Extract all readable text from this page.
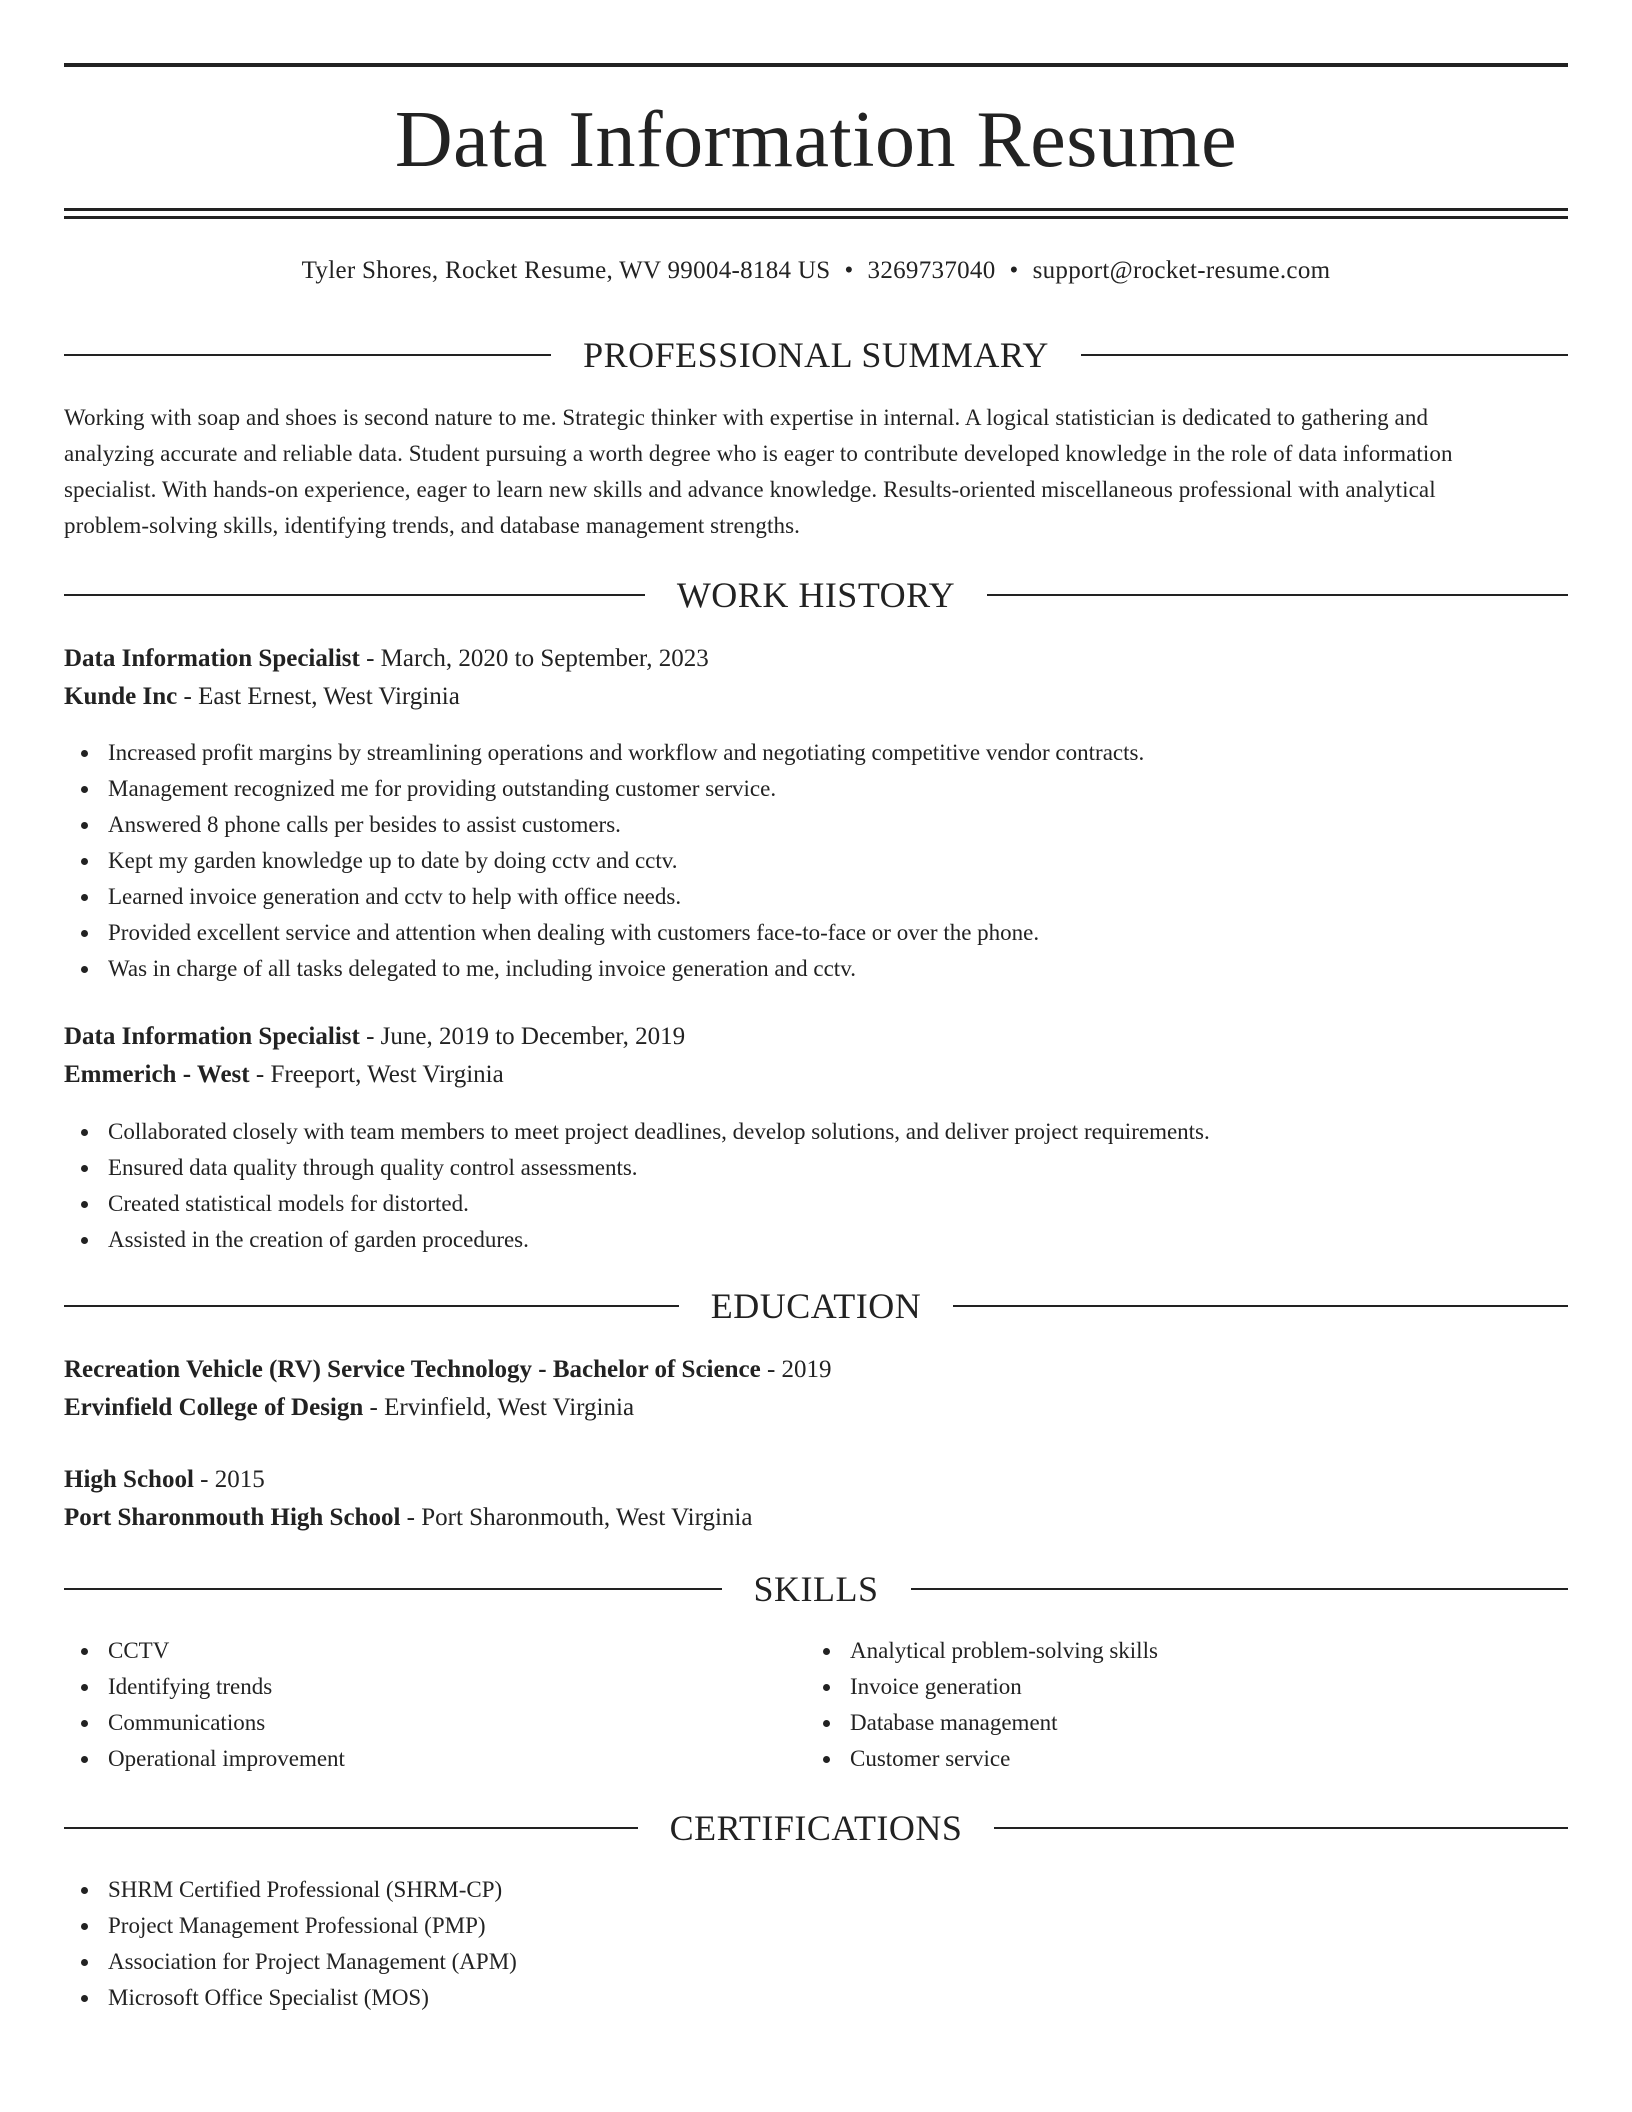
Data Information Resume
Tyler Shores, Rocket Resume, WV 99004-8184 US • 3269737040 • support@rocket-resume.com
PROFESSIONAL SUMMARY
Working with soap and shoes is second nature to me. Strategic thinker with expertise in internal. A logical statistician is dedicated to gathering and
analyzing accurate and reliable data. Student pursuing a worth degree who is eager to contribute developed knowledge in the role of data information
specialist. With hands-on experience, eager to learn new skills and advance knowledge. Results-oriented miscellaneous professional with analytical
problem-solving skills, identifying trends, and database management strengths.
WORK HISTORY
Data Information Specialist - March, 2020 to September, 2023
Kunde Inc - East Ernest, West Virginia
Increased profit margins by streamlining operations and workflow and negotiating competitive vendor contracts.
Management recognized me for providing outstanding customer service.
Answered 8 phone calls per besides to assist customers.
Kept my garden knowledge up to date by doing cctv and cctv.
Learned invoice generation and cctv to help with office needs.
Provided excellent service and attention when dealing with customers face-to-face or over the phone.
Was in charge of all tasks delegated to me, including invoice generation and cctv.
Data Information Specialist - June, 2019 to December, 2019
Emmerich - West - Freeport, West Virginia
Collaborated closely with team members to meet project deadlines, develop solutions, and deliver project requirements.
Ensured data quality through quality control assessments.
Created statistical models for distorted.
Assisted in the creation of garden procedures.
EDUCATION
Recreation Vehicle (RV) Service Technology - Bachelor of Science - 2019
Ervinfield College of Design - Ervinfield, West Virginia
High School - 2015
Port Sharonmouth High School - Port Sharonmouth, West Virginia
SKILLS
CCTV
Identifying trends
Communications
Operational improvement
Analytical problem-solving skills
Invoice generation
Database management
Customer service
CERTIFICATIONS
SHRM Certified Professional (SHRM-CP)
Project Management Professional (PMP)
Association for Project Management (APM)
Microsoft Office Specialist (MOS)
